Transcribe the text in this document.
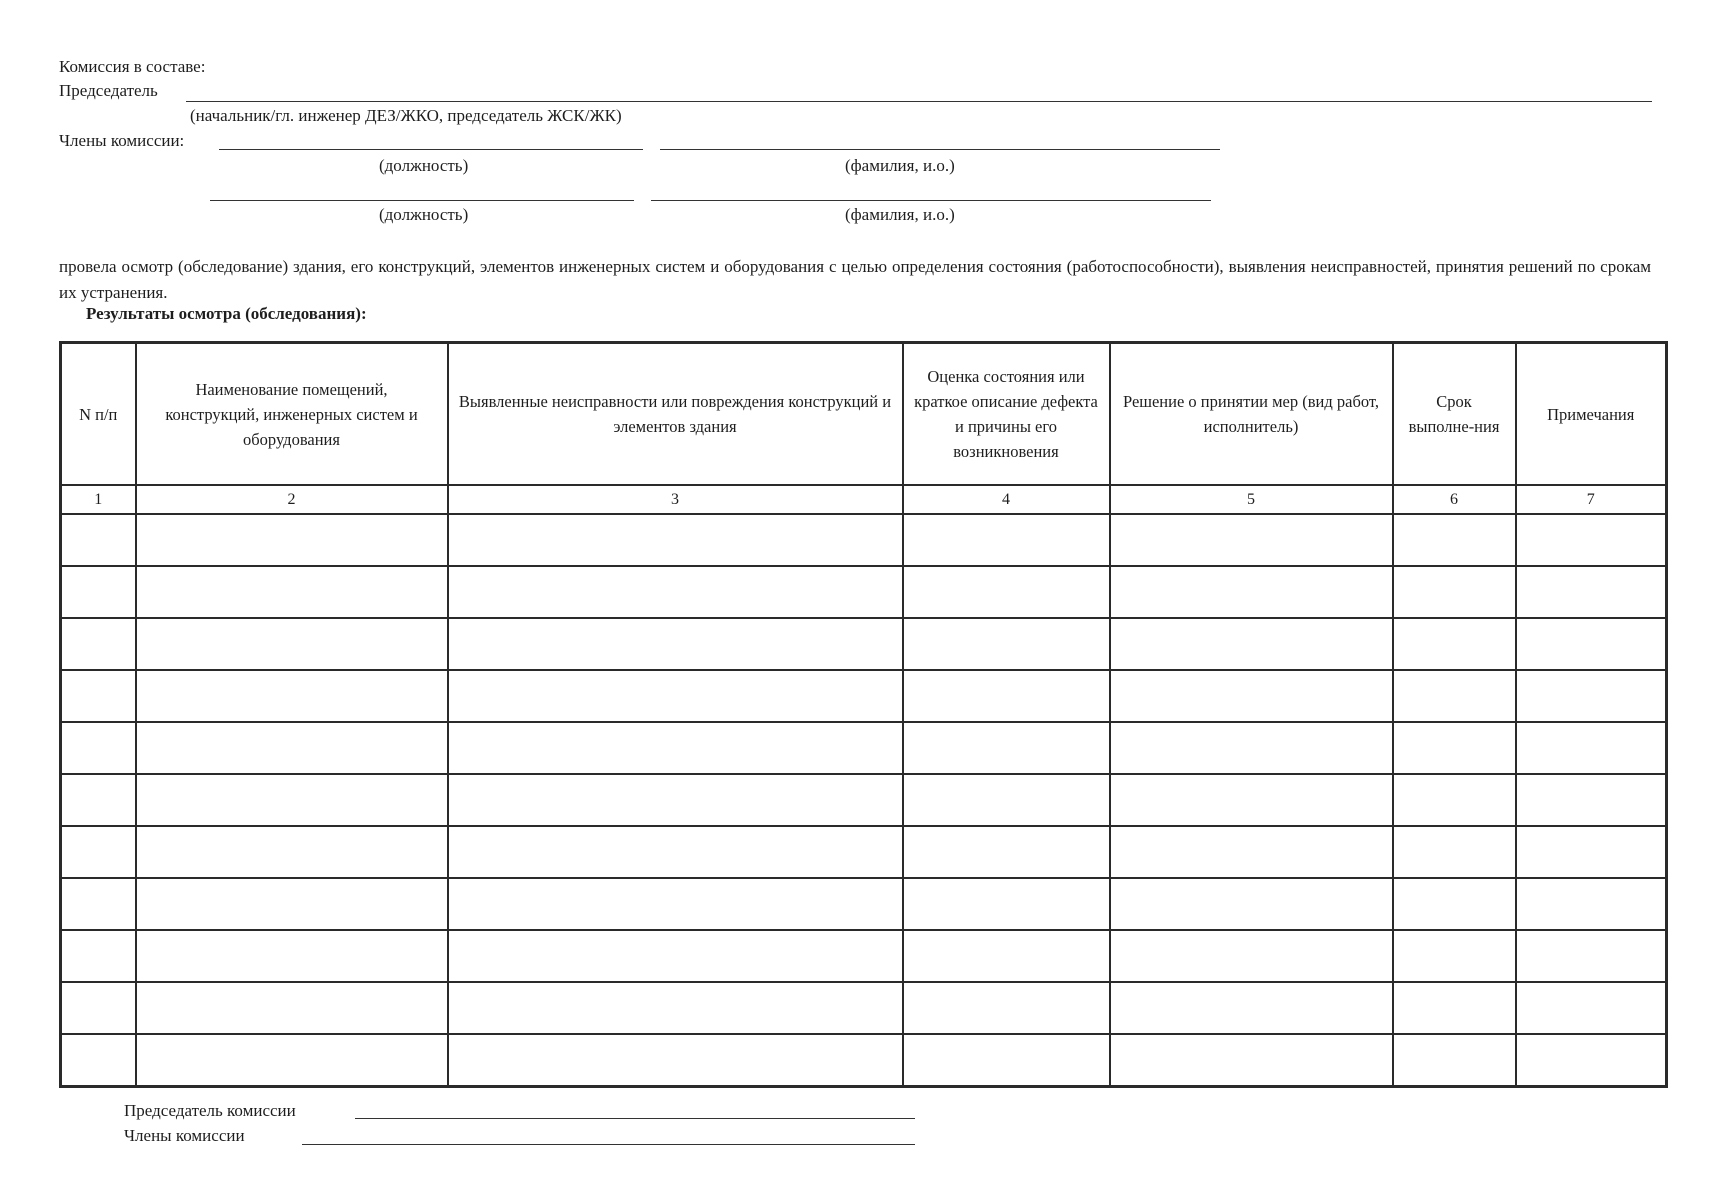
Комиссия в составе:
Председатель
(начальник/гл. инженер ДЕЗ/ЖКО, председатель ЖСК/ЖК)
Члены комиссии:
(должность)	(фамилия, и.о.)
(должность)	(фамилия, и.о.)
провела осмотр (обследование) здания, его конструкций, элементов инженерных систем и оборудования с целью определения состояния (работоспособности), выявления неисправностей, принятия решений по срокам их устранения.
Результаты осмотра (обследования):
N п/п	Наименование помещений, конструкций, инженерных систем и оборудования	Выявленные неисправности или повреждения конструкций и элементов здания	Оценка состояния или краткое описание дефекта и причины его возникновения	Решение о принятии мер (вид работ, исполнитель)	Срок выполне-ния	Примечания
1	2	3	4	5	6	7

Председатель комиссии
Члены комиссии
